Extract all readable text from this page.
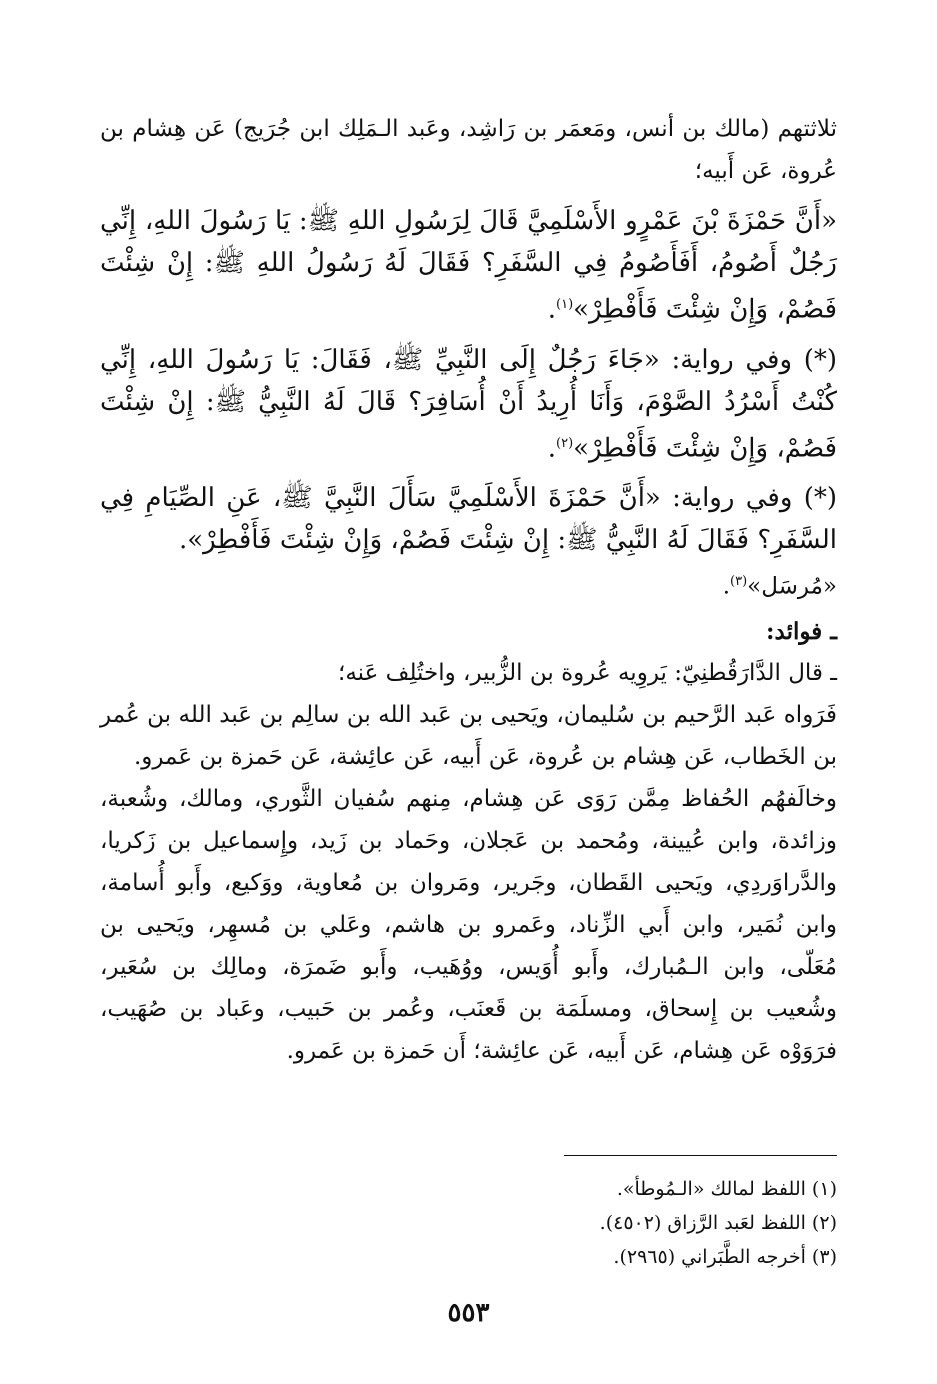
ثلاثتهم (مالك بن أنس، ومَعمَر بن رَاشِد، وعَبد الـمَلِك ابن جُرَيج) عَن هِشام بن عُروة، عَن أَبيه؛

«أَنَّ حَمْزَةَ بْنَ عَمْرٍو الأَسْلَمِيَّ قَالَ لِرَسُولِ اللهِ ﷺ: يَا رَسُولَ اللهِ، إِنِّي رَجُلٌ أَصُومُ، أَفَأَصُومُ فِي السَّفَرِ؟ فَقَالَ لَهُ رَسُولُ اللهِ ﷺ: إِنْ شِئْتَ فَصُمْ، وَإِنْ شِئْتَ فَأَفْطِرْ»$^{(١)}$.

(*) وفي رواية: «جَاءَ رَجُلٌ إِلَى النَّبِيِّ ﷺ، فَقَالَ: يَا رَسُولَ اللهِ، إِنِّي كُنْتُ أَسْرُدُ الصَّوْمَ، وَأَنَا أُرِيدُ أَنْ أُسَافِرَ؟ قَالَ لَهُ النَّبِيُّ ﷺ: إِنْ شِئْتَ فَصُمْ، وَإِنْ شِئْتَ فَأَفْطِرْ»$^{(٢)}$.

(*) وفي رواية: «أَنَّ حَمْزَةَ الأَسْلَمِيَّ سَأَلَ النَّبِيَّ ﷺ، عَنِ الصِّيَامِ فِي السَّفَرِ؟ فَقَالَ لَهُ النَّبِيُّ ﷺ: إِنْ شِئْتَ فَصُمْ، وَإِنْ شِئْتَ فَأَفْطِرْ».

«مُرسَل»$^{(٣)}$.

ـ فوائد:

ـ قال الدَّارَقُطنِيّ: يَروِيه عُروة بن الزُّبير، واختُلِف عَنه؛

فَرَواه عَبد الرَّحيم بن سُليمان، ويَحيى بن عَبد الله بن سالِم بن عَبد الله بن عُمر بن الخَطاب، عَن هِشام بن عُروة، عَن أَبيه، عَن عائِشة، عَن حَمزة بن عَمرو.

وخالَفهُم الحُفاظ مِمَّن رَوَى عَن هِشام، مِنهم سُفيان الثَّوري، ومالك، وشُعبة، وزائدة، وابن عُيينة، ومُحمد بن عَجلان، وحَماد بن زَيد، وإِسماعيل بن زَكريا، والدَّراوَردِي، ويَحيى القَطان، وجَرير، ومَروان بن مُعاوية، ووَكيع، وأَبو أُسامة، وابن نُمَير، وابن أَبي الزِّناد، وعَمرو بن هاشم، وعَلي بن مُسهِر، ويَحيى بن مُعَلّى، وابن الـمُبارك، وأَبو أُوَيس، ووُهَيب، وأَبو ضَمرَة، ومالِك بن سُعَير، وشُعيب بن إِسحاق، ومسلَمَة بن قَعنَب، وعُمر بن حَبيب، وعَباد بن صُهَيب، فرَوَوْه عَن هِشام، عَن أَبيه، عَن عائِشة؛ أَن حَمزة بن عَمرو.

(١) اللفظ لمالك «الـمُوطأ».
(٢) اللفظ لعَبد الرَّزاق (٤٥٠٢).
(٣) أخرجه الطَّبَراني (٢٩٦٥).
٥٥٣
